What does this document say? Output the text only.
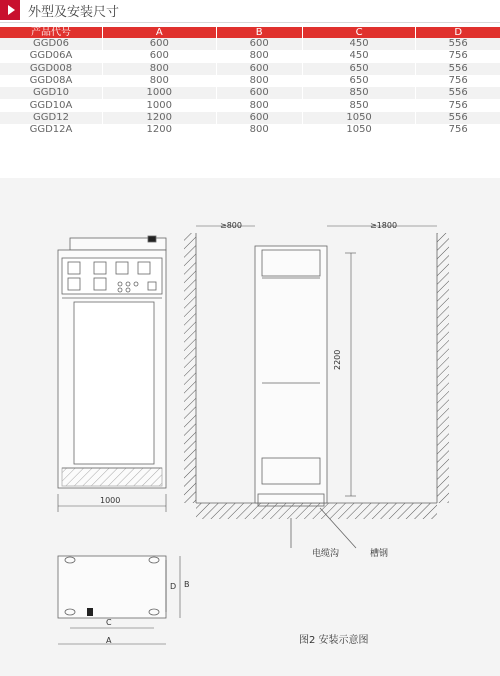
外型及安装尺寸
产品代号	A	B	C	D
GGD06	600	600	450	556
GGD06A	600	800	450	756
GGD008	800	600	650	556
GGD08A	800	800	650	756
GGD10	1000	600	850	556
GGD10A	1000	800	850	756
GGD12	1200	600	1050	556
GGD12A	1200	800	1050	756
1000
≥800	≥1800
2200
电缆沟	槽钢
C
A
D B
图2 安装示意图
